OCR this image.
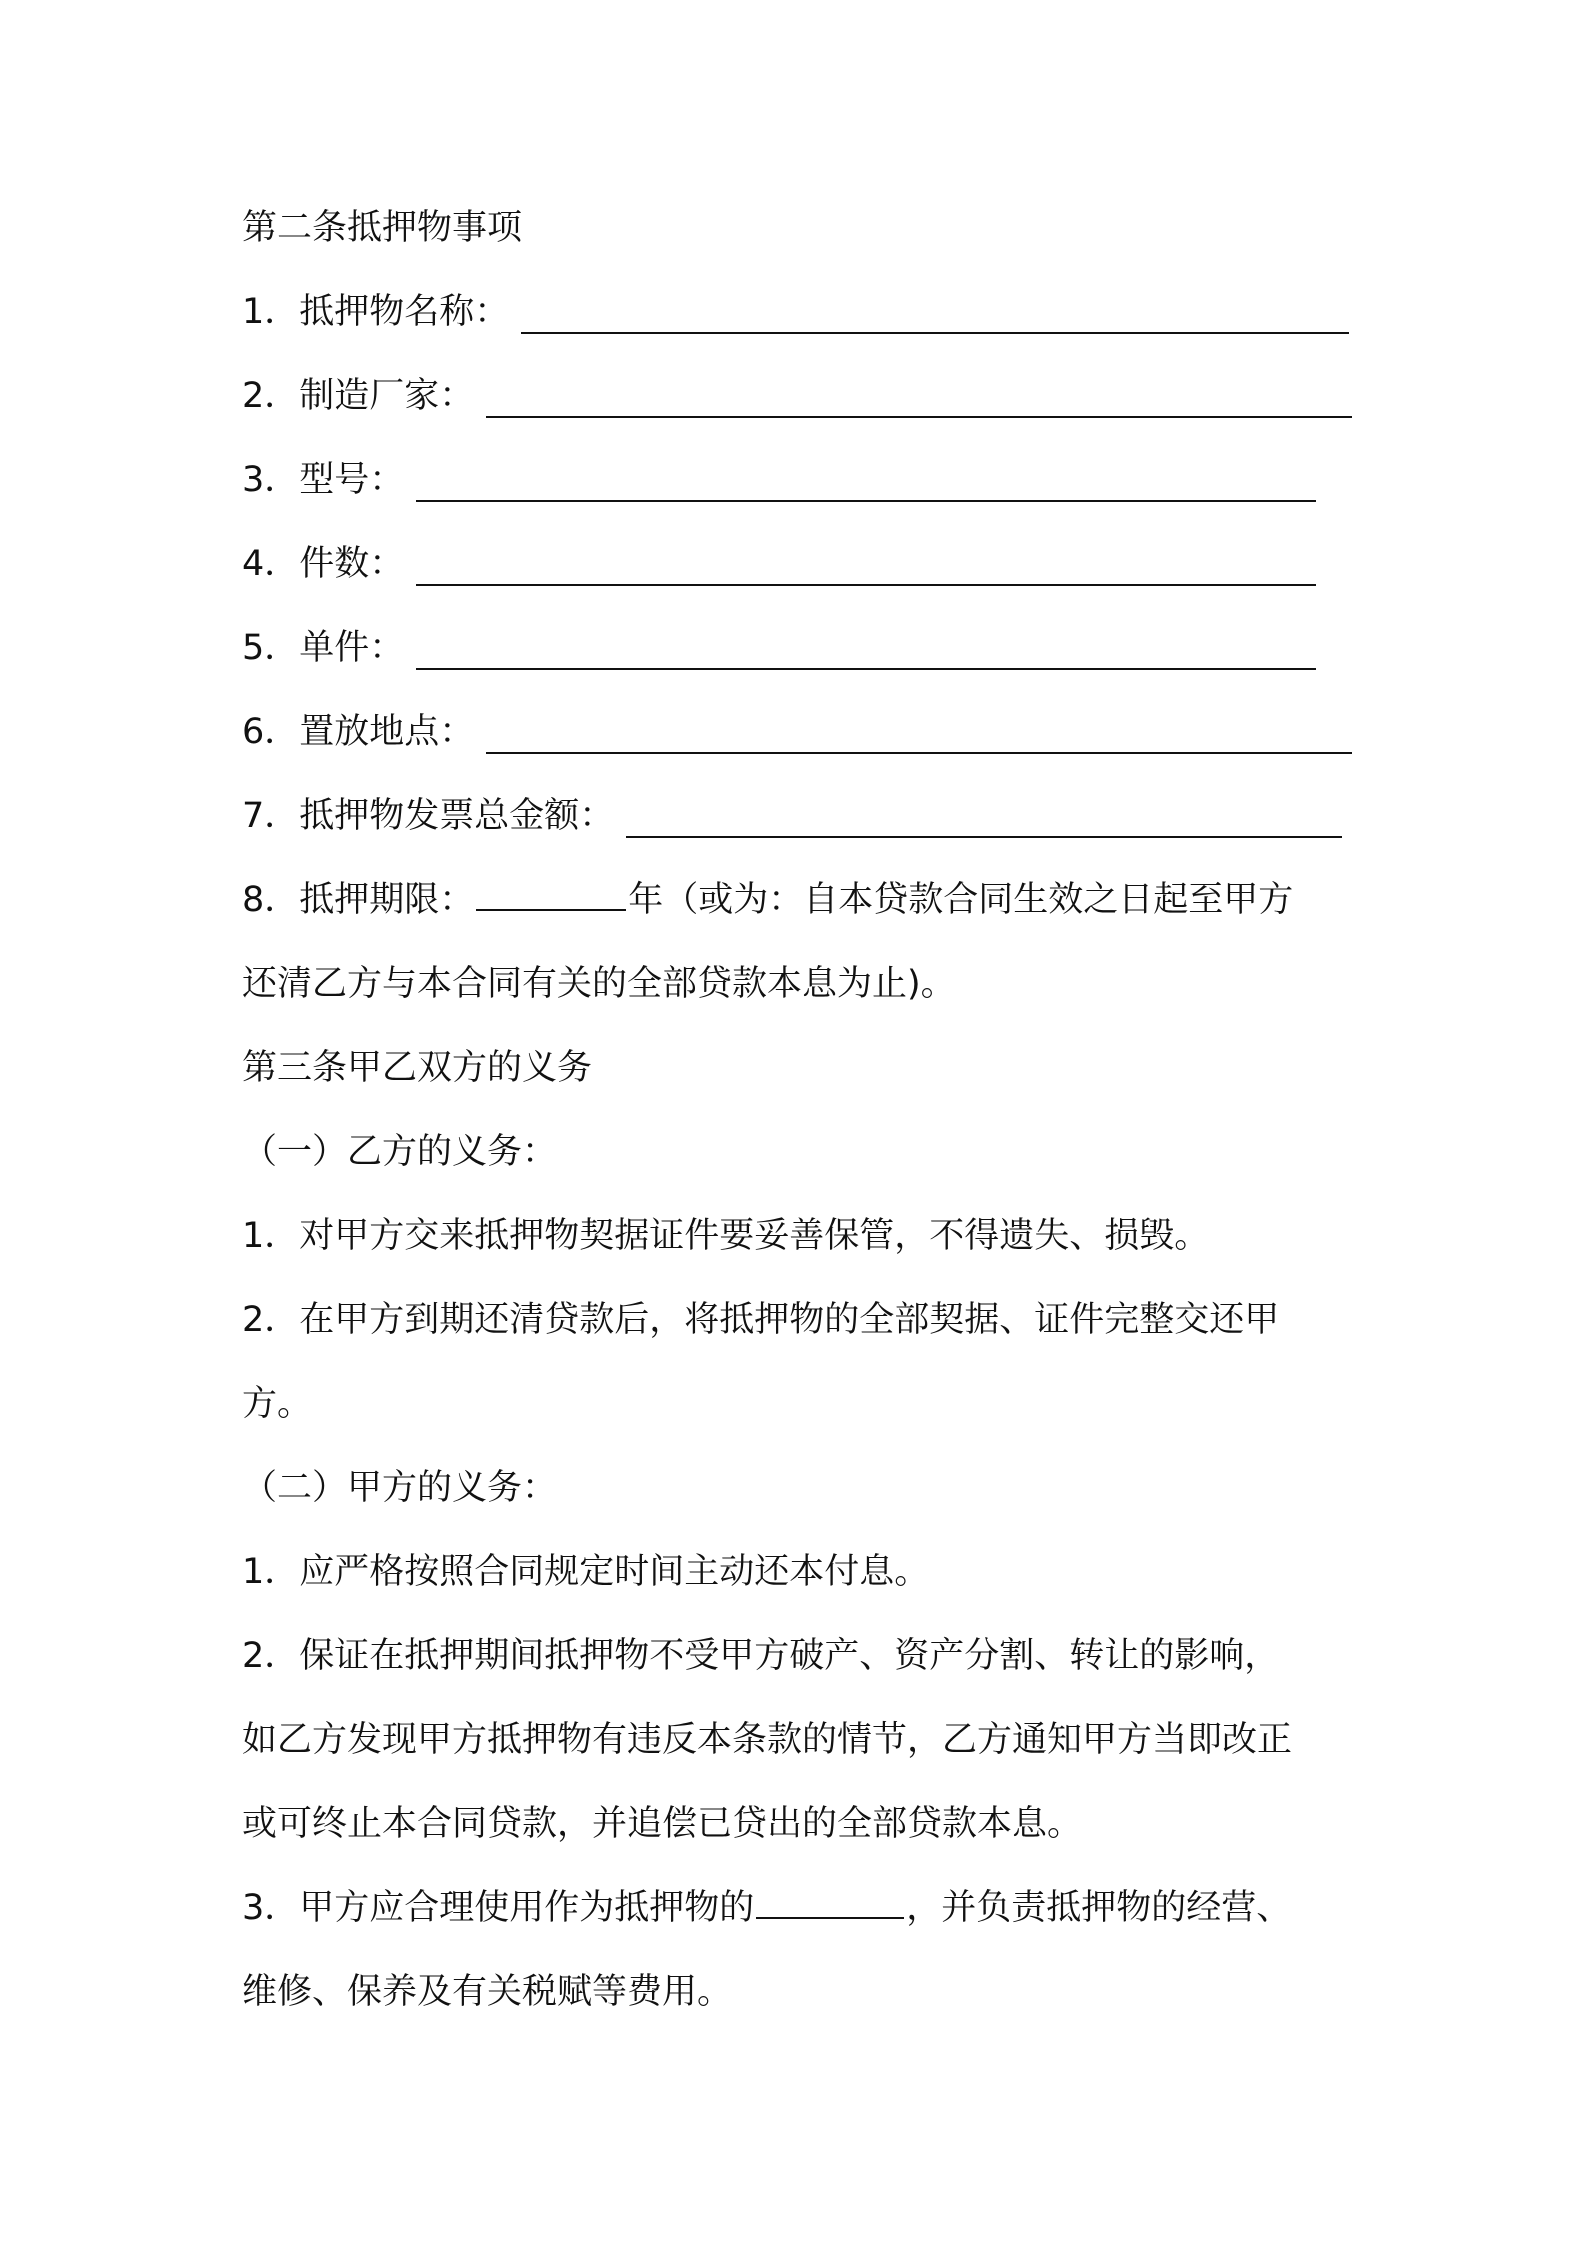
第二条抵押物事项
1．抵押物名称：
2．制造厂家：
3．型号：
4．件数：
5．单件：
6．置放地点：
7．抵押物发票总金额：
8．抵押期限：	年（或为：自本贷款合同生效之日起至甲方
还清乙方与本合同有关的全部贷款本息为止)。
第三条甲乙双方的义务
（一）乙方的义务：
1．对甲方交来抵押物契据证件要妥善保管，不得遗失、损毁。
2．在甲方到期还清贷款后，将抵押物的全部契据、证件完整交还甲
方。
（二）甲方的义务：
1．应严格按照合同规定时间主动还本付息。
2．保证在抵押期间抵押物不受甲方破产、资产分割、转让的影响，
如乙方发现甲方抵押物有违反本条款的情节，乙方通知甲方当即改正
或可终止本合同贷款，并追偿已贷出的全部贷款本息。
3．甲方应合理使用作为抵押物的	，并负责抵押物的经营、
维修、保养及有关税赋等费用。
